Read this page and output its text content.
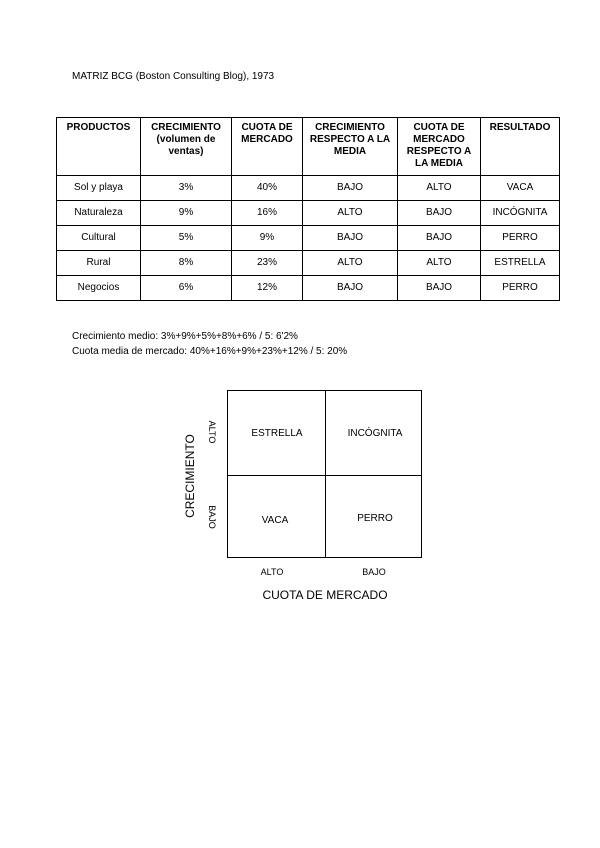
MATRIZ BCG (Boston Consulting Blog), 1973
PRODUCTOS	CRECIMIENTO (volumen de ventas)	CUOTA DE MERCADO	CRECIMIENTO RESPECTO A LA MEDIA	CUOTA DE MERCADO RESPECTO A LA MEDIA	RESULTADO
Sol y playa	3%	40%	BAJO	ALTO	VACA
Naturaleza	9%	16%	ALTO	BAJO	INCÓGNITA
Cultural	5%	9%	BAJO	BAJO	PERRO
Rural	8%	23%	ALTO	ALTO	ESTRELLA
Negocios	6%	12%	BAJO	BAJO	PERRO
Crecimiento medio: 3%+9%+5%+8%+6% / 5: 6'2%
Cuota media de mercado: 40%+16%+9%+23%+12% / 5: 20%
CRECIMIENTO
ALTO
BAJO
ESTRELLA	INCÓGNITA
VACA	PERRO
ALTO	BAJO
CUOTA DE MERCADO
